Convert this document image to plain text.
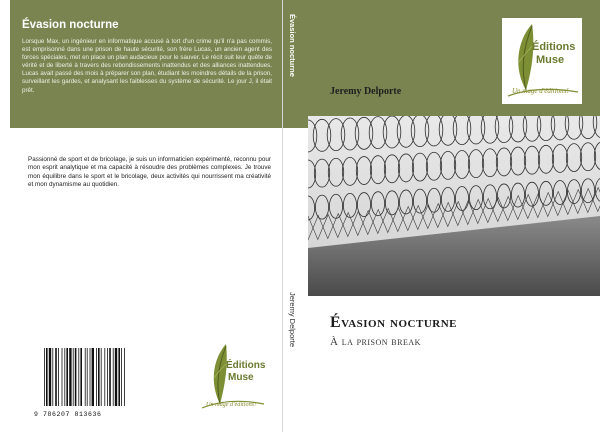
Évasion nocturne

Lorsque Max, un ingénieur en informatique accusé à tort d'un crime qu'il n'a pas commis, est emprisonné dans une prison de haute sécurité, son frère Lucas, un ancien agent des forces spéciales, met en place un plan audacieux pour le sauver. Le récit suit leur quête de vérité et de liberté à travers des rebondissements inattendus et des alliances inattendues. Lucas avait passé des mois à préparer son plan, étudiant les moindres détails de la prison, surveillant les gardes, et analysant les faiblesses du système de sécurité. Le jour J, il était prêt.

Passionné de sport et de bricolage, je suis un informaticien expérimenté, reconnu pour mon esprit analytique et ma capacité à résoudre des problèmes complexes. Je trouve mon équilibre dans le sport et le bricolage, deux activités qui nourrissent ma créativité et mon dynamisme au quotidien.

9 786207 813636
Éditions
Muse
Un mage d'éditions!
Évasion nocturne
Jeremy Delporte
Éditions
Muse
Un mage d'éditions!
Jeremy Delporte
Évasion nocturne
À la prison break
